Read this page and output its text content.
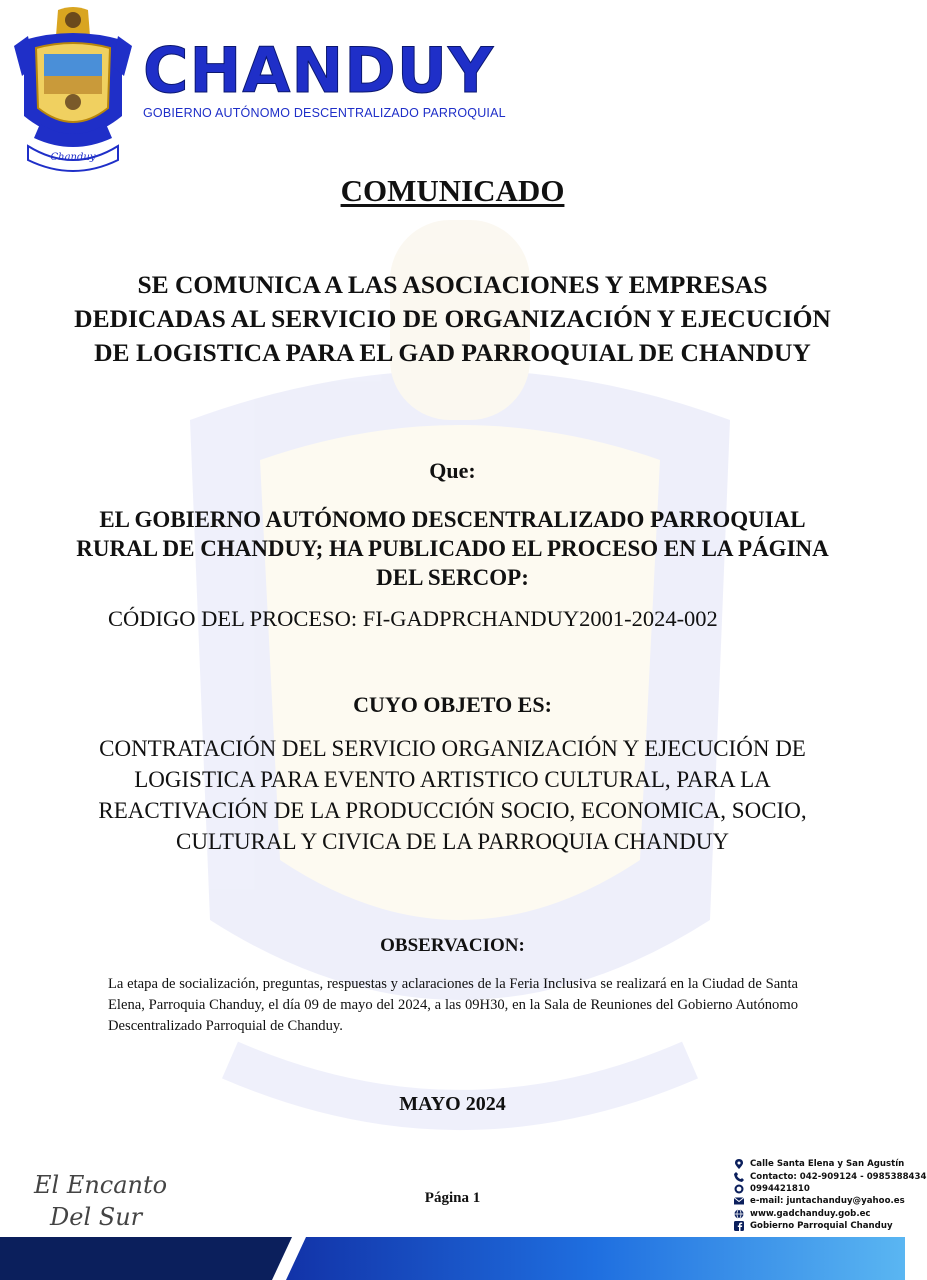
Chanduy
CHANDUY
GOBIERNO AUTÓNOMO DESCENTRALIZADO PARROQUIAL
COMUNICADO
SE COMUNICA A LAS ASOCIACIONES Y EMPRESAS DEDICADAS AL SERVICIO DE ORGANIZACIÓN Y EJECUCIÓN DE LOGISTICA PARA EL GAD PARROQUIAL DE CHANDUY
Que:
EL GOBIERNO AUTÓNOMO DESCENTRALIZADO PARROQUIAL RURAL DE CHANDUY; HA PUBLICADO EL PROCESO EN LA PÁGINA DEL SERCOP:
CÓDIGO DEL PROCESO: FI-GADPRCHANDUY2001-2024-002
CUYO OBJETO ES:
CONTRATACIÓN DEL SERVICIO ORGANIZACIÓN Y EJECUCIÓN DE LOGISTICA PARA EVENTO ARTISTICO CULTURAL, PARA LA REACTIVACIÓN DE LA PRODUCCIÓN SOCIO, ECONOMICA, SOCIO, CULTURAL Y CIVICA DE LA PARROQUIA CHANDUY
OBSERVACION:
La etapa de socialización, preguntas, respuestas y aclaraciones de la Feria Inclusiva se realizará en la Ciudad de Santa Elena, Parroquia Chanduy, el día 09 de mayo del 2024, a las 09H30, en la Sala de Reuniones del Gobierno Autónomo Descentralizado Parroquial de Chanduy.
MAYO 2024
El Encanto
Del Sur
Página 1
Calle Santa Elena y San Agustín
Contacto: 042-909124 - 0985388434
0994421810
e-mail: juntachanduy@yahoo.es
www.gadchanduy.gob.ec
Gobierno Parroquial Chanduy
